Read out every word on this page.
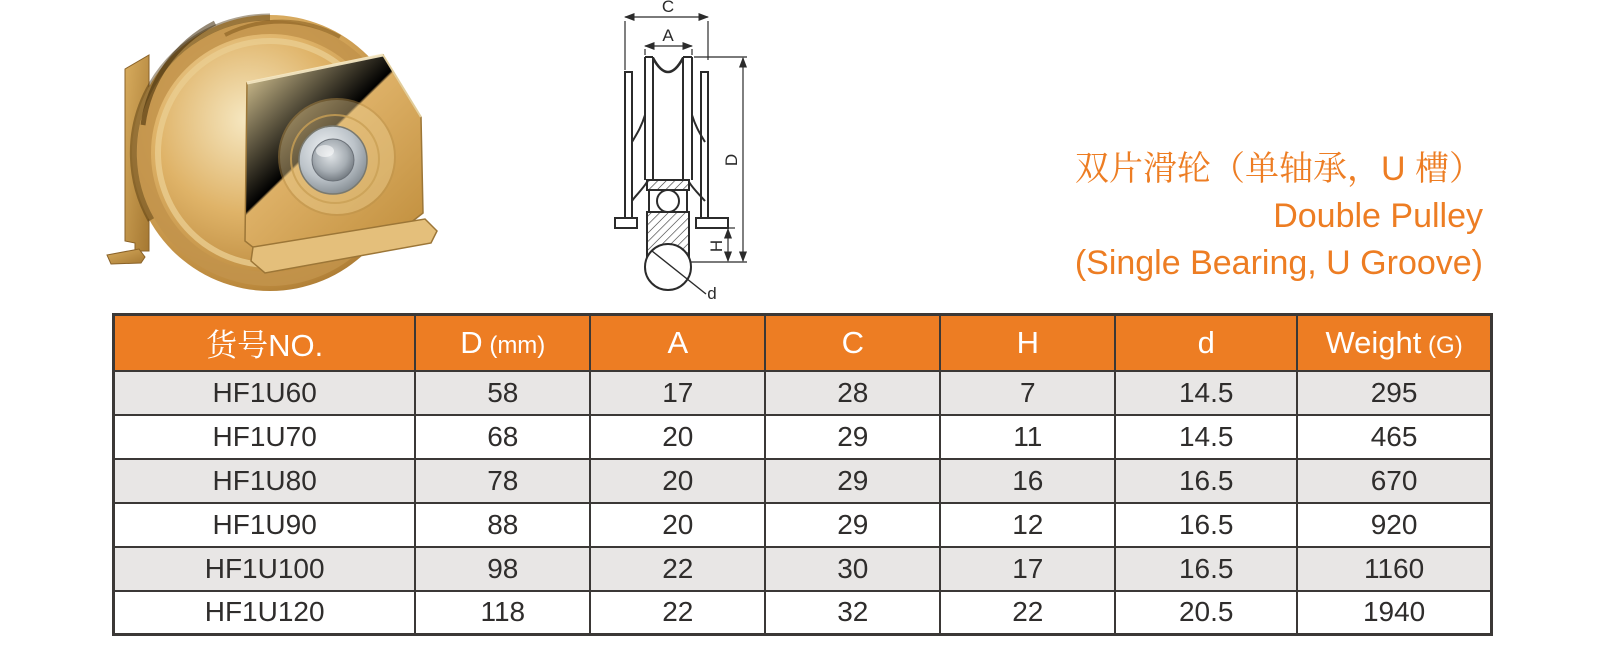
C
A
D
H
d
双片滑轮（单轴承，U 槽）
Double Pulley
(Single Bearing, U Groove)
货号NO.	D (mm)	A	C	H	d	Weight (G)
HF1U60	58	17	28	7	14.5	295
HF1U70	68	20	29	11	14.5	465
HF1U80	78	20	29	16	16.5	670
HF1U90	88	20	29	12	16.5	920
HF1U100	98	22	30	17	16.5	1160
HF1U120	118	22	32	22	20.5	1940
